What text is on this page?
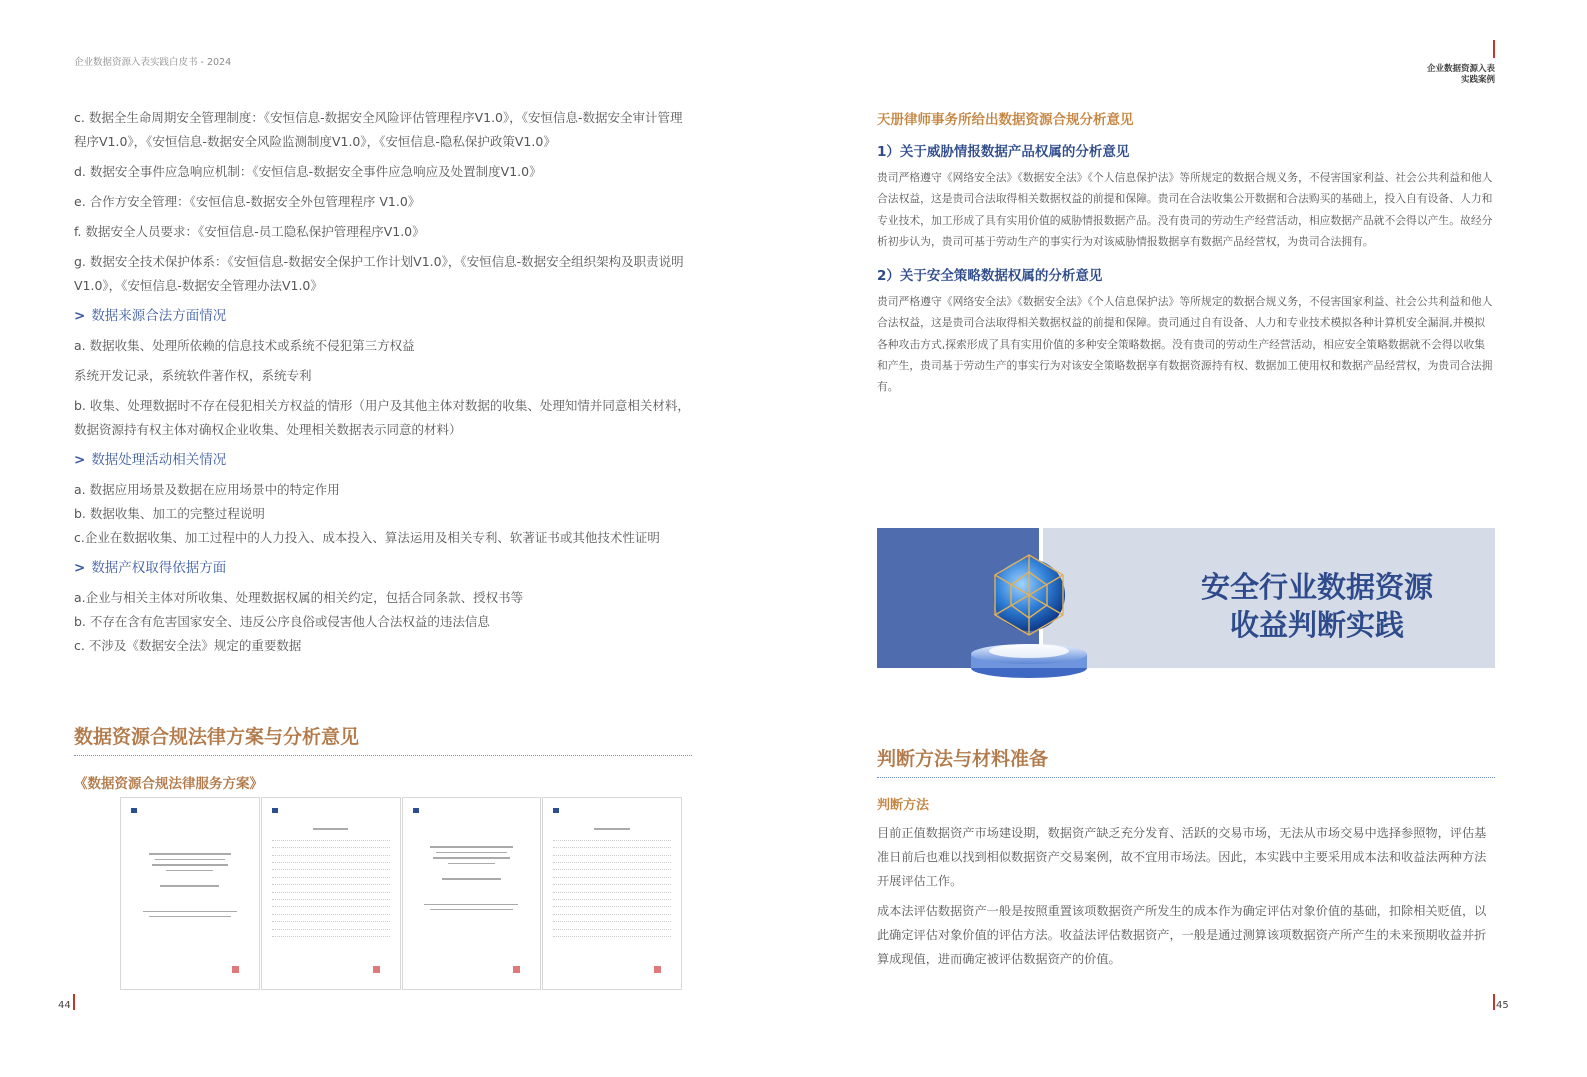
企业数据资源入表实践白皮书 - 2024

c. 数据全生命周期安全管理制度：《安恒信息-数据安全风险评估管理程序V1.0》，《安恒信息-数据安全审计管理程序V1.0》，《安恒信息-数据安全风险监测制度V1.0》，《安恒信息-隐私保护政策V1.0》

d. 数据安全事件应急响应机制：《安恒信息-数据安全事件应急响应及处置制度V1.0》

e. 合作方安全管理：《安恒信息-数据安全外包管理程序 V1.0》

f. 数据安全人员要求：《安恒信息-员工隐私保护管理程序V1.0》

g. 数据安全技术保护体系：《安恒信息-数据安全保护工作计划V1.0》，《安恒信息-数据安全组织架构及职责说明V1.0》，《安恒信息-数据安全管理办法V1.0》

> 数据来源合法方面情况

a. 数据收集、处理所依赖的信息技术或系统不侵犯第三方权益

系统开发记录，系统软件著作权，系统专利

b. 收集、处理数据时不存在侵犯相关方权益的情形（用户及其他主体对数据的收集、处理知情并同意相关材料，数据资源持有权主体对确权企业收集、处理相关数据表示同意的材料）

> 数据处理活动相关情况

a. 数据应用场景及数据在应用场景中的特定作用

b. 数据收集、加工的完整过程说明

c.企业在数据收集、加工过程中的人力投入、成本投入、算法运用及相关专利、软著证书或其他技术性证明

> 数据产权取得依据方面

a.企业与相关主体对所收集、处理数据权属的相关约定，包括合同条款、授权书等

b. 不存在含有危害国家安全、违反公序良俗或侵害他人合法权益的违法信息

c. 不涉及《数据安全法》规定的重要数据

数据资源合规法律方案与分析意见
《数据资源合规法律服务方案》

44
企业数据资源入表
实践案例
天册律师事务所给出数据资源合规分析意见
1）关于威胁情报数据产品权属的分析意见

贵司严格遵守《网络安全法》《数据安全法》《个人信息保护法》等所规定的数据合规义务，不侵害国家利益、社会公共利益和他人合法权益，这是贵司合法取得相关数据权益的前提和保障。贵司在合法收集公开数据和合法购买的基础上，投入自有设备、人力和专业技术，加工形成了具有实用价值的威胁情报数据产品。没有贵司的劳动生产经营活动，相应数据产品就不会得以产生。故经分析初步认为，贵司可基于劳动生产的事实行为对该威胁情报数据享有数据产品经营权，为贵司合法拥有。

2）关于安全策略数据权属的分析意见

贵司严格遵守《网络安全法》《数据安全法》《个人信息保护法》等所规定的数据合规义务，不侵害国家利益、社会公共利益和他人合法权益，这是贵司合法取得相关数据权益的前提和保障。贵司通过自有设备、人力和专业技术模拟各种计算机安全漏洞,并模拟各种攻击方式,探索形成了具有实用价值的多种安全策略数据。没有贵司的劳动生产经营活动，相应安全策略数据就不会得以收集和产生，贵司基于劳动生产的事实行为对该安全策略数据享有数据资源持有权、数据加工使用权和数据产品经营权，为贵司合法拥有。

安全行业数据资源
收益判断实践
判断方法与材料准备
判断方法

目前正值数据资产市场建设期，数据资产缺乏充分发育、活跃的交易市场，无法从市场交易中选择参照物，评估基准日前后也难以找到相似数据资产交易案例，故不宜用市场法。因此，本实践中主要采用成本法和收益法两种方法开展评估工作。

成本法评估数据资产一般是按照重置该项数据资产所发生的成本作为确定评估对象价值的基础，扣除相关贬值，以此确定评估对象价值的评估方法。收益法评估数据资产，一般是通过测算该项数据资产所产生的未来预期收益并折算成现值，进而确定被评估数据资产的价值。

45
